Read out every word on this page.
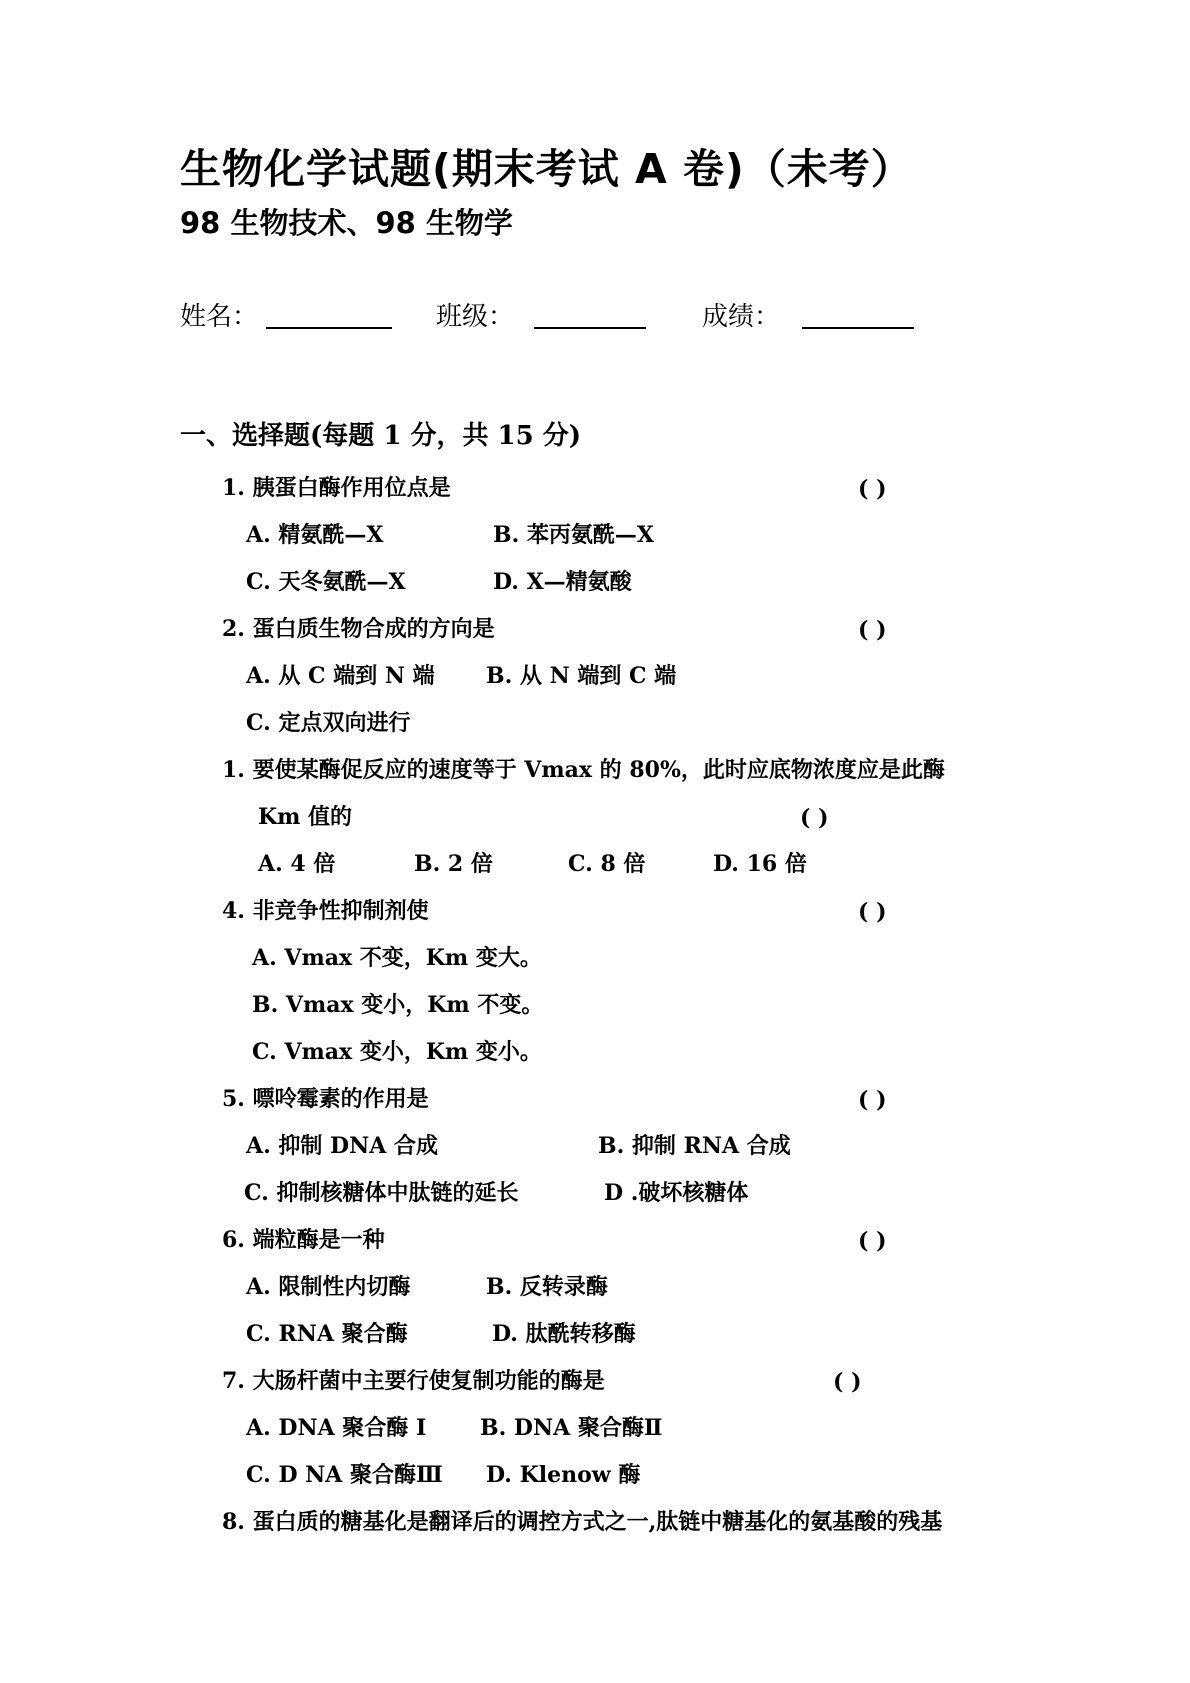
生物化学试题(期末考试 A 卷)（未考）
98 生物技术、98 生物学
姓名：	班级：	成绩：
一、选择题(每题 1 分，共 15 分)
1. 胰蛋白酶作用位点是	( )
A. 精氨酰—X	B. 苯丙氨酰—X
C. 天冬氨酰—X	D. X—精氨酸
2. 蛋白质生物合成的方向是	( )
A. 从 C 端到 N 端 B. 从 N 端到 C 端
C. 定点双向进行
1. 要使某酶促反应的速度等于 Vmax 的 80%，此时应底物浓度应是此酶
Km 值的	( )
A. 4 倍	B. 2 倍	C. 8 倍	D. 16 倍
4. 非竞争性抑制剂使	( )
A. Vmax 不变，Km 变大。
B. Vmax 变小，Km 不变。
C. Vmax 变小，Km 变小。
5. 嘌呤霉素的作用是	( )
A. 抑制 DNA 合成	B. 抑制 RNA 合成
C. 抑制核糖体中肽链的延长	D .破坏核糖体
6. 端粒酶是一种	( )
A. 限制性内切酶	B. 反转录酶
C. RNA 聚合酶	D. 肽酰转移酶
7. 大肠杆菌中主要行使复制功能的酶是	( )
A. DNA 聚合酶 I B. DNA 聚合酶Ⅱ
C. D NA 聚合酶Ⅲ D. Klenow 酶
8. 蛋白质的糖基化是翻译后的调控方式之一,肽链中糖基化的氨基酸的残基
